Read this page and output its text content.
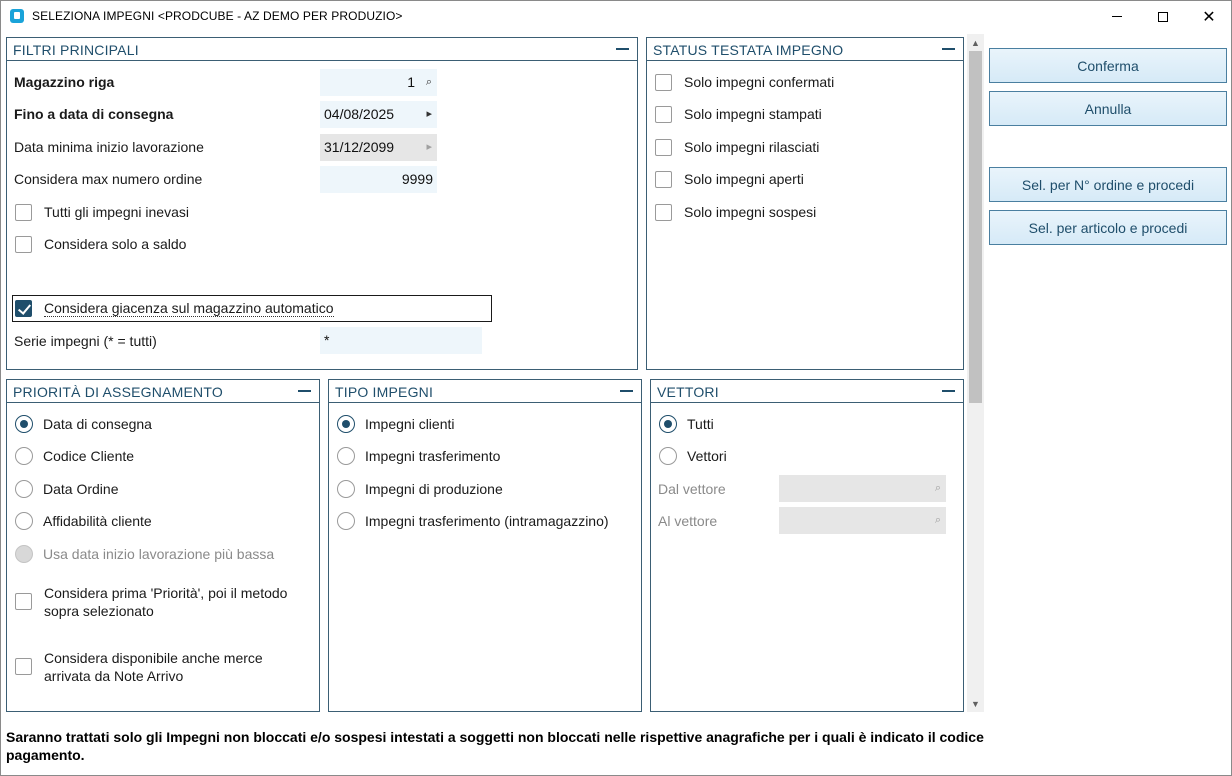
SELEZIONA IMPEGNI <PRODCUBE - AZ DEMO PER PRODUZIO>	✕
FILTRI PRINCIPALI
Magazzino riga	1 ⌕
Fino a data di consegna	04/08/2025	▸
Data minima inizio lavorazione	31/12/2099	▸
Considera max numero ordine	9999
Tutti gli impegni inevasi
Considera solo a saldo
Considera giacenza sul magazzino automatico
Serie impegni (* = tutti)	*
STATUS TESTATA IMPEGNO
Solo impegni confermati
Solo impegni stampati
Solo impegni rilasciati
Solo impegni aperti
Solo impegni sospesi
PRIORITÀ DI ASSEGNAMENTO
Data di consegna
Codice Cliente
Data Ordine
Affidabilità cliente
Usa data inizio lavorazione più bassa
Considera prima 'Priorità', poi il metodo
sopra selezionato
Considera disponibile anche merce
arrivata da Note Arrivo
TIPO IMPEGNI
Impegni clienti
Impegni trasferimento
Impegni di produzione
Impegni trasferimento (intramagazzino)
VETTORI
Tutti
Vettori
Dal vettore	⌕
Al vettore	⌕
▲
▼
Conferma
Annulla
Sel. per N° ordine e procedi
Sel. per articolo e procedi
Saranno trattati solo gli Impegni non bloccati e/o sospesi intestati a soggetti non bloccati nelle rispettive anagrafiche per i quali è indicato il codice pagamento.
